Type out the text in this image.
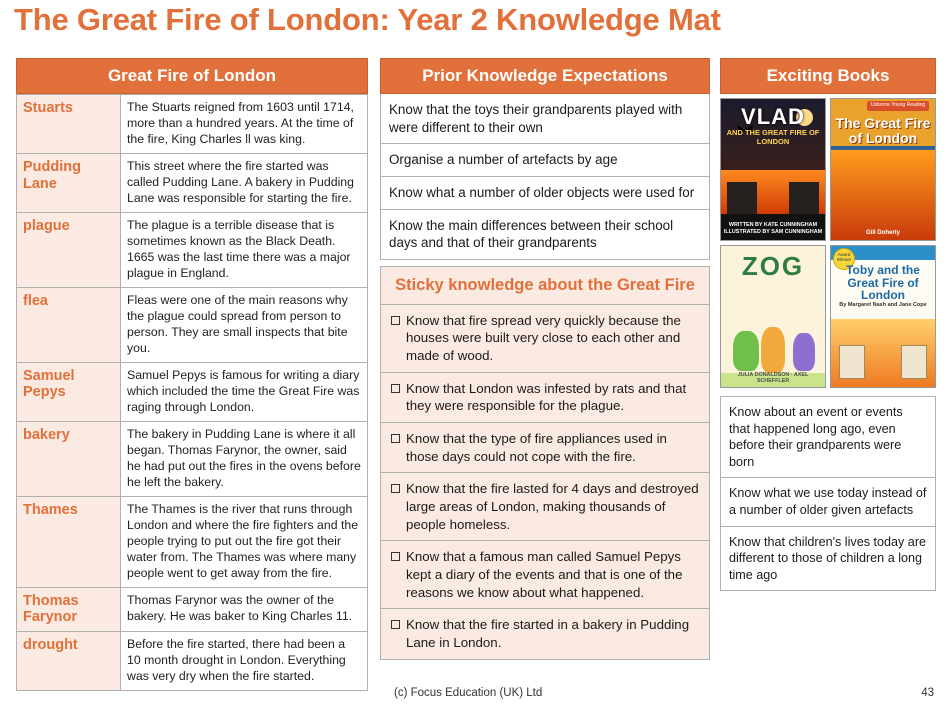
The Great Fire of London: Year 2 Knowledge Mat
Great Fire of London
Stuarts	The Stuarts reigned from 1603 until 1714, more than a hundred years. At the time of the fire, King Charles ll was king.
Pudding Lane	This street where the fire started was called Pudding Lane. A bakery in Pudding Lane was responsible for starting the fire.
plague	The plague is a terrible disease that is sometimes known as the Black Death. 1665 was the last time there was a major plague in England.
flea	Fleas were one of the main reasons why the plague could spread from person to person. They are small inspects that bite you.
Samuel Pepys	Samuel Pepys is famous for writing a diary which included the time the Great Fire was raging through London.
bakery	The bakery in Pudding Lane is where it all began. Thomas Farynor, the owner, said he had put out the fires in the ovens before he left the bakery.
Thames	The Thames is the river that runs through London and where the fire fighters and the people trying to put out the fire got their water from. The Thames was where many people went to get away from the fire.
Thomas Farynor	Thomas Farynor was the owner of the bakery. He was baker to King Charles 11.
drought	Before the fire started, there had been a 10 month drought in London. Everything was very dry when the fire started.
Prior Knowledge Expectations
Know that the toys their grandparents played with were different to their own
Organise a number of artefacts by age
Know what a number of older objects were used for
Know the main differences between their school days and that of their grandparents
Sticky knowledge about the Great Fire
Know that fire spread very quickly because the houses were built very close to each other and made of wood.
Know that London was infested by rats and that they were responsible for the plague.
Know that the type of fire appliances used in those days could not cope with the fire.
Know that the fire lasted for 4 days and destroyed large areas of London, making thousands of people homeless.
Know that a famous man called Samuel Pepys kept a diary of the events and that is one of the reasons we know about what happened.
Know that the fire started in a bakery in Pudding Lane in London.
Exciting Books
VLAD
AND THE GREAT FIRE OF LONDON
WRITTEN BY KATE CUNNINGHAM ILLUSTRATED BY SAM CUNNINGHAM
Usborne Young Reading
The Great Fire of London
Gill Doherty
ZOG
JULIA DONALDSON · AXEL SCHEFFLER
Award Winner
Toby and the Great Fire of London
By Margaret Nash and Jane Cope
Know about an event or events that happened long ago, even before their grandparents were born
Know what we use today instead of a number of older given artefacts
Know that children's lives today are different to those of children a long time ago
(c) Focus Education (UK) Ltd	43
